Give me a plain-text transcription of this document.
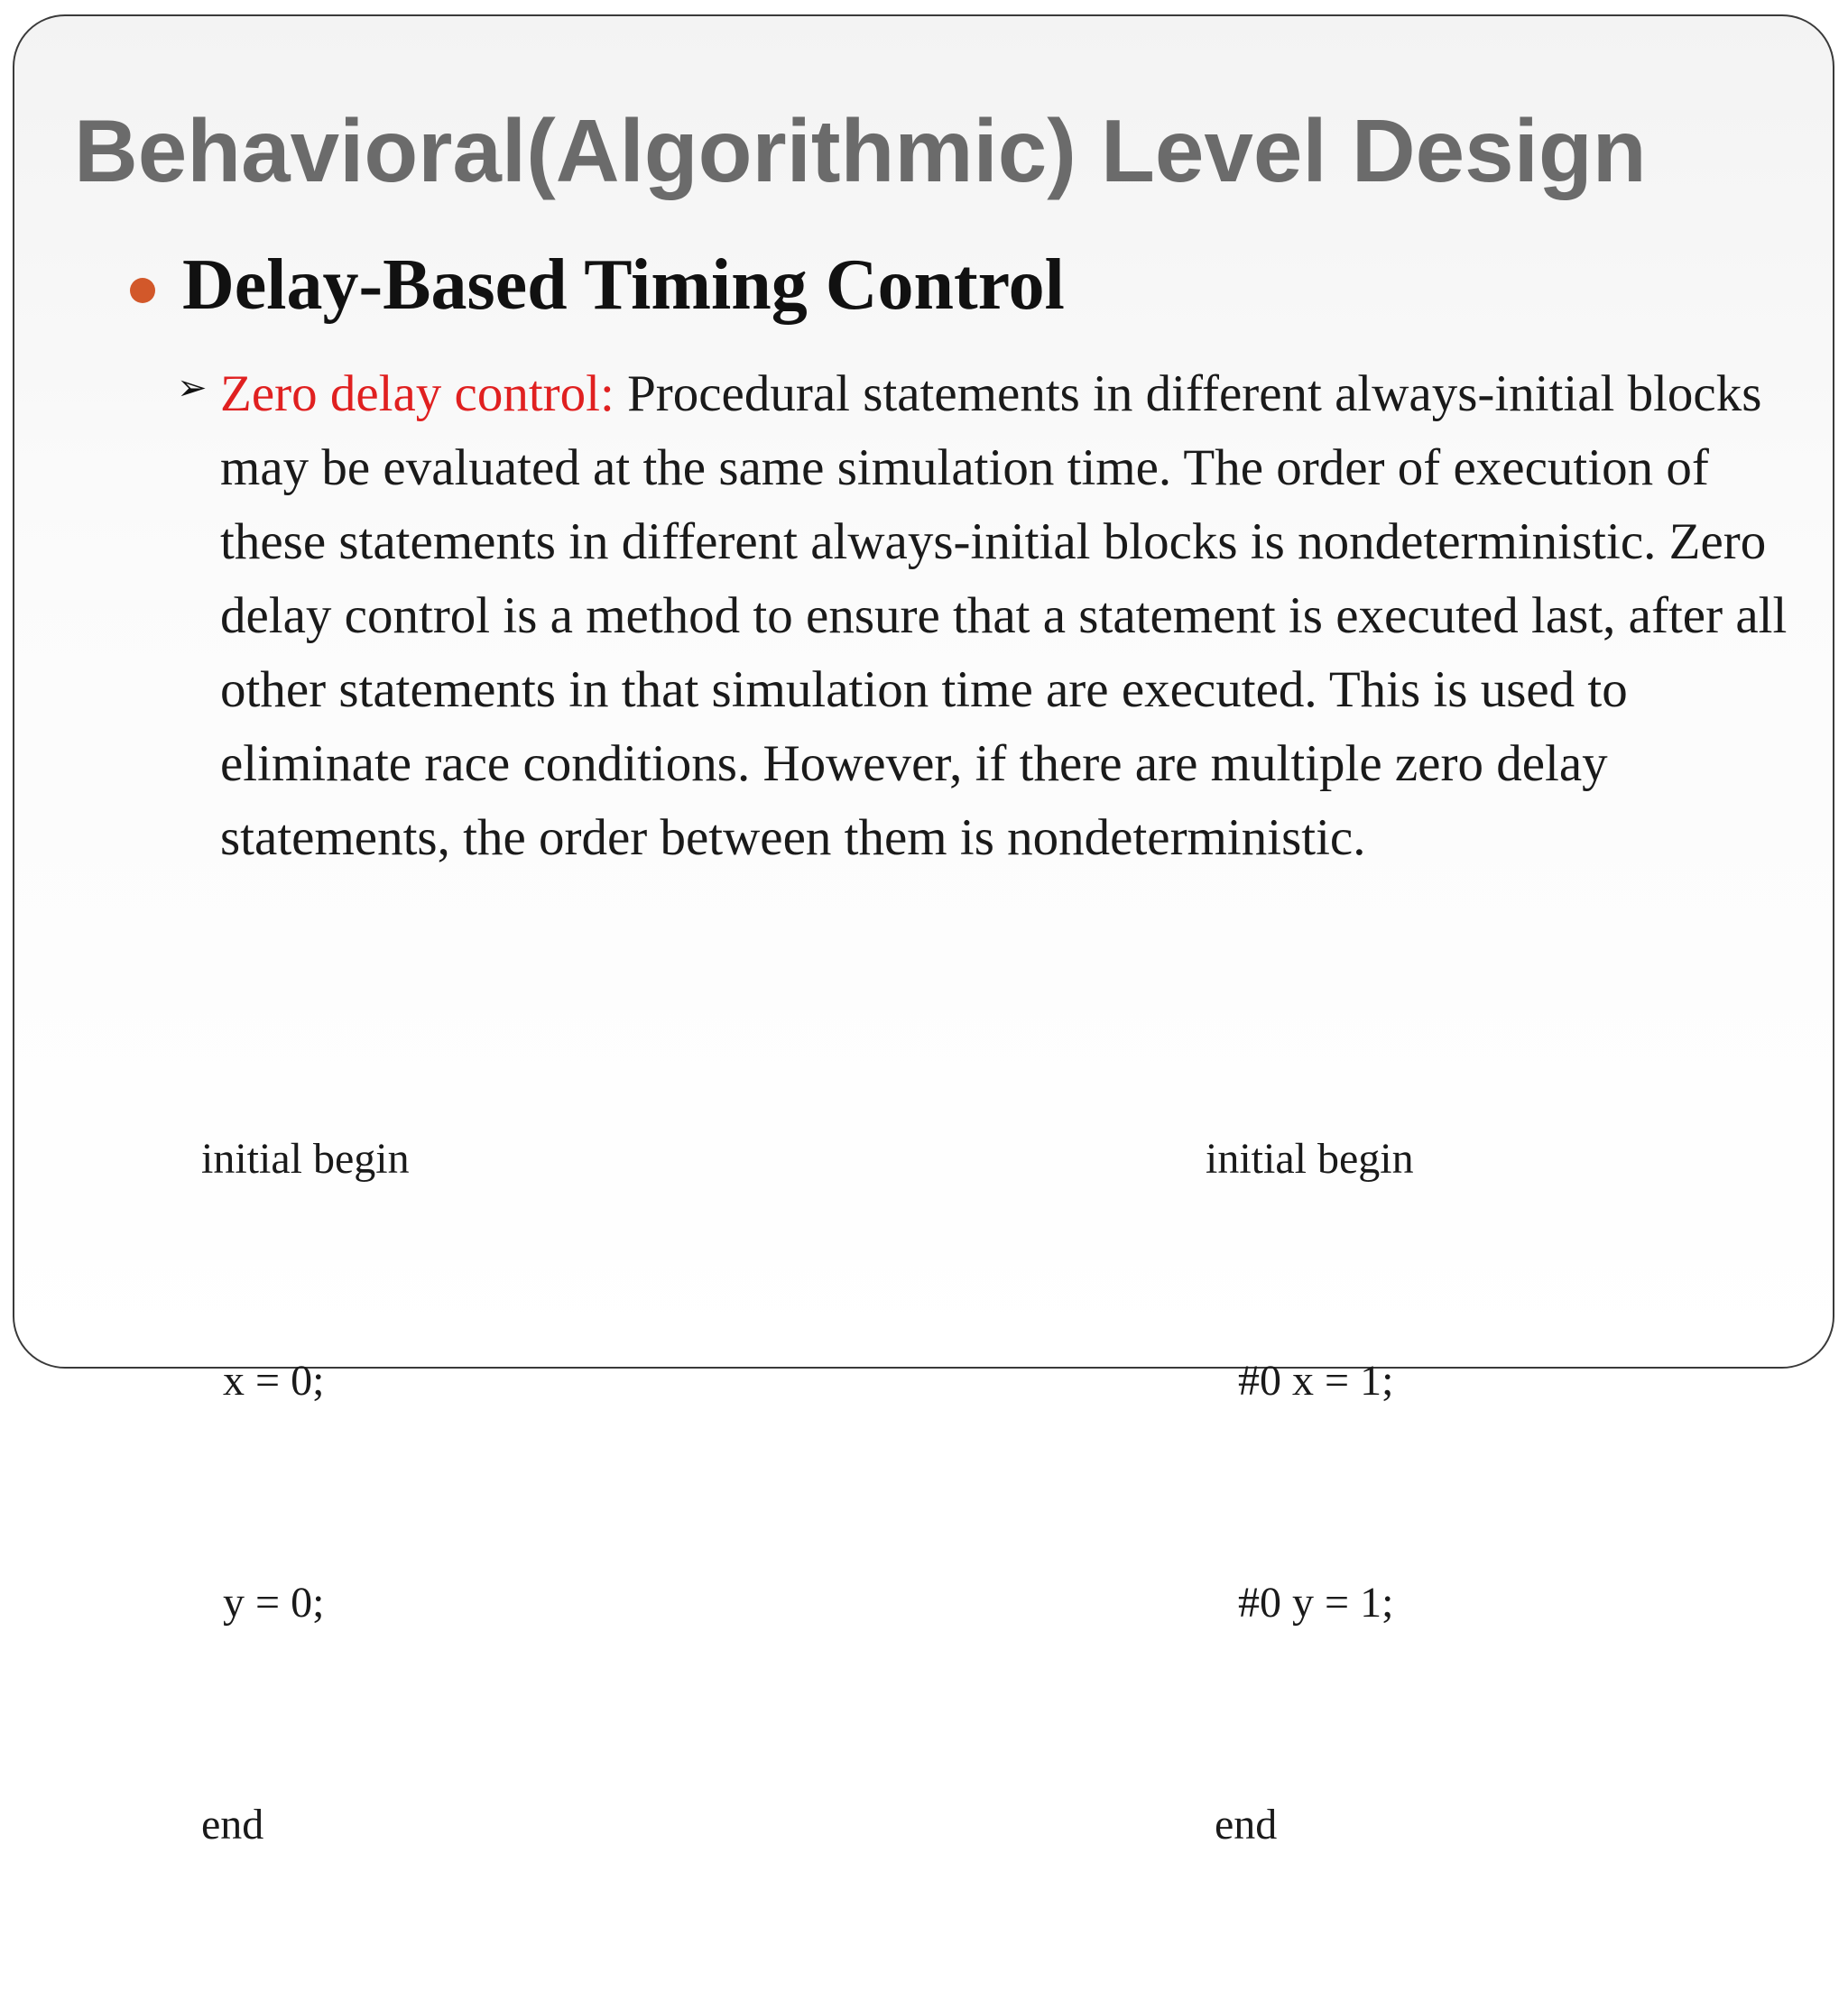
Behavioral(Algorithmic) Level Design
Delay-Based Timing Control
➢ Zero delay control: Procedural statements in different always-initial blocks may be evaluated at the same simulation time. The order of execution of these statements in different always-initial blocks is nondeterministic. Zero delay control is a method to ensure that a statement is executed last, after all other statements in that simulation time are executed. This is used to eliminate race conditions. However, if there are multiple zero delay statements, the order between them is nondeterministic.

initial begin

x = 0;

y = 0;

end

initial begin

#0 x = 1;

#0 y = 1;

end
